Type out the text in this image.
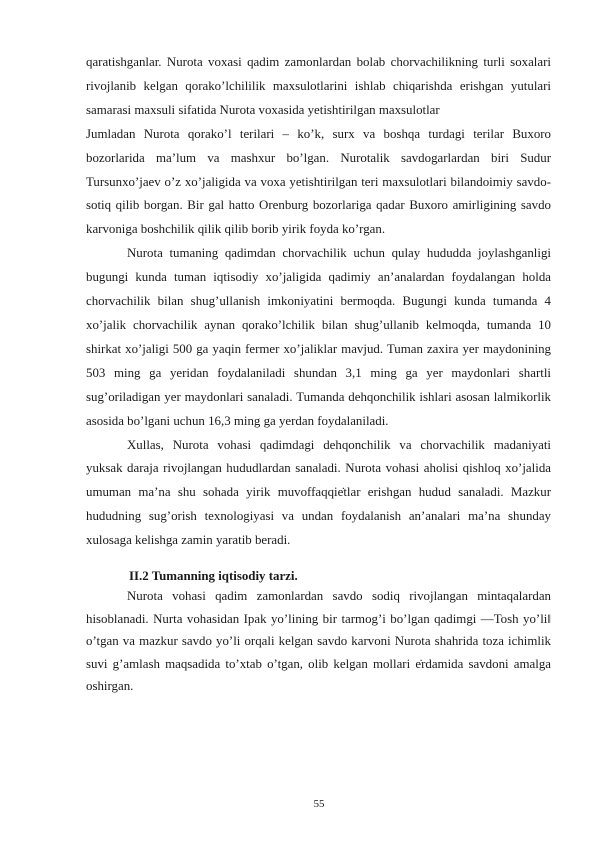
qaratishganlar. Nurota voxasi qadim zamonlardan bolab chorvachilikning turli soxalari rivojlanib kelgan qorako’lchililik maxsulotlarini ishlab chiqarishda erishgan yutulari samarasi maxsuli sifatida Nurota voxasida yetishtirilgan maxsulotlar

Jumladan Nurota qorako’l terilari – ko’k, surx va boshqa turdagi terilar Buxoro bozorlarida ma’lum va mashxur bo’lgan. Nurotalik savdogarlardan biri Sudur Tursunxo’jaev o’z xo’jaligida va voxa yetishtirilgan teri maxsulotlari bilandoimiy savdo-sotiq qilib borgan. Bir gal hatto Orenburg bozorlariga qadar Buxoro amirligining savdo karvoniga boshchilik qilik qilib borib yirik foyda ko’rgan.

Nurota tumaning qadimdan chorvachilik uchun qulay hududda joylashganligi bugungi kunda tuman iqtisodiy xo’jaligida qadimiy an’analardan foydalangan holda chorvachilik bilan shug’ullanish imkoniyatini bermoqda. Bugungi kunda tumanda 4 xo’jalik chorvachilik aynan qorako’lchilik bilan shug’ullanib kelmoqda, tumanda 10 shirkat xo’jaligi 500 ga yaqin fermer xo’jaliklar mavjud. Tuman zaxira yer maydonining 503 ming ga yeridan foydalaniladi shundan 3,1 ming ga yer maydonlari shartli sug’oriladigan yer maydonlari sanaladi. Tumanda dehqonchilik ishlari asosan lalmikorlik asosida bo’lgani uchun 16,3 ming ga yerdan foydalaniladi.

Xullas, Nurota vohasi qadimdagi dehqonchilik va chorvachilik madaniyati yuksak daraja rivojlangan hududlardan sanaladi. Nurota vohasi aholisi qishloq xo’jalida umuman ma’na shu sohada yirik muvoffaqqiе̇tlar erishgan hudud sanaladi. Mazkur hududning sug’orish texnologiyasi va undan foydalanish an’analari ma’na shunday xulosaga kelishga zamin yaratib beradi.

II.2 Tumanning iqtisodiy tarzi.

Nurota vohasi qadim zamonlardan savdo sodiq rivojlangan mintaqalardan hisoblanadi. Nurta vohasidan Ipak yo’lining bir tarmog’i bo’lgan qadimgi ―Tosh yo’li‖ o’tgan va mazkur savdo yo’li orqali kelgan savdo karvoni Nurota shahrida toza ichimlik suvi g’amlash maqsadida to’xtab o’tgan, olib kelgan mollari е̇rdamida savdoni amalga oshirgan.

55
